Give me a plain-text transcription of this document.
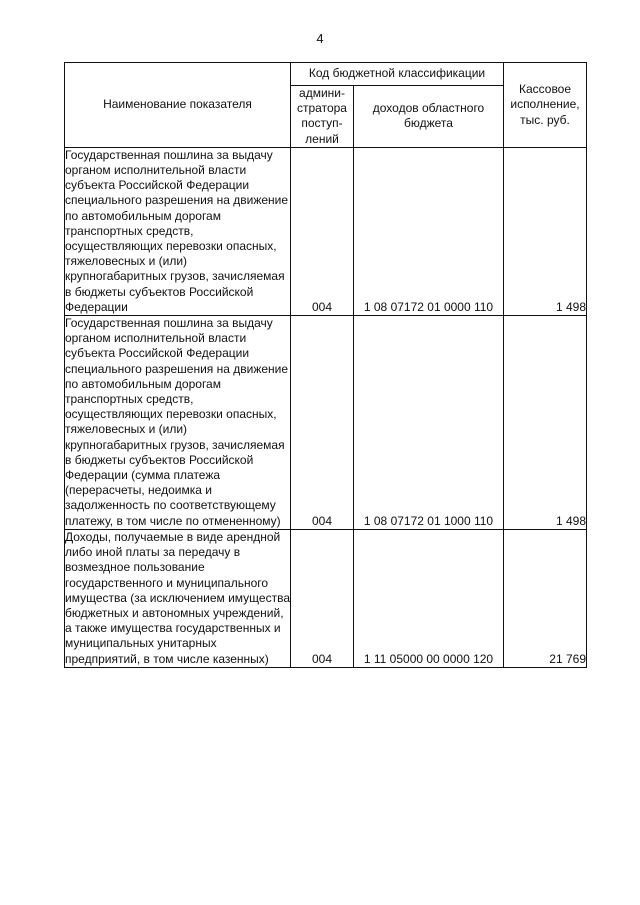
4
Наименование показателя	Код бюджетной классификации		Кассовое исполнение, тыс. руб.
	админи-стратора поступ-лений	доходов областного бюджета	
Государственная пошлина за выдачу органом исполнительной власти субъекта Российской Федерации специального разрешения на движение по автомобильным дорогам транспортных средств, осуществляющих перевозки опасных, тяжеловесных и (или) крупногабаритных грузов, зачисляемая в бюджеты субъектов Российской Федерации	004	1 08 07172 01 0000 110	1 498
Государственная пошлина за выдачу органом исполнительной власти субъекта Российской Федерации специального разрешения на движение по автомобильным дорогам транспортных средств, осуществляющих перевозки опасных, тяжеловесных и (или) крупногабаритных грузов, зачисляемая в бюджеты субъектов Российской Федерации (сумма платежа (перерасчеты, недоимка и задолженность по соответствующему платежу, в том числе по отмененному)	004	1 08 07172 01 1000 110	1 498
Доходы, получаемые в виде арендной либо иной платы за передачу в возмездное пользование государственного и муниципального имущества (за исключением имущества бюджетных и автономных учреждений, а также имущества государственных и муниципальных унитарных предприятий, в том числе казенных)	004	1 11 05000 00 0000 120	21 769
